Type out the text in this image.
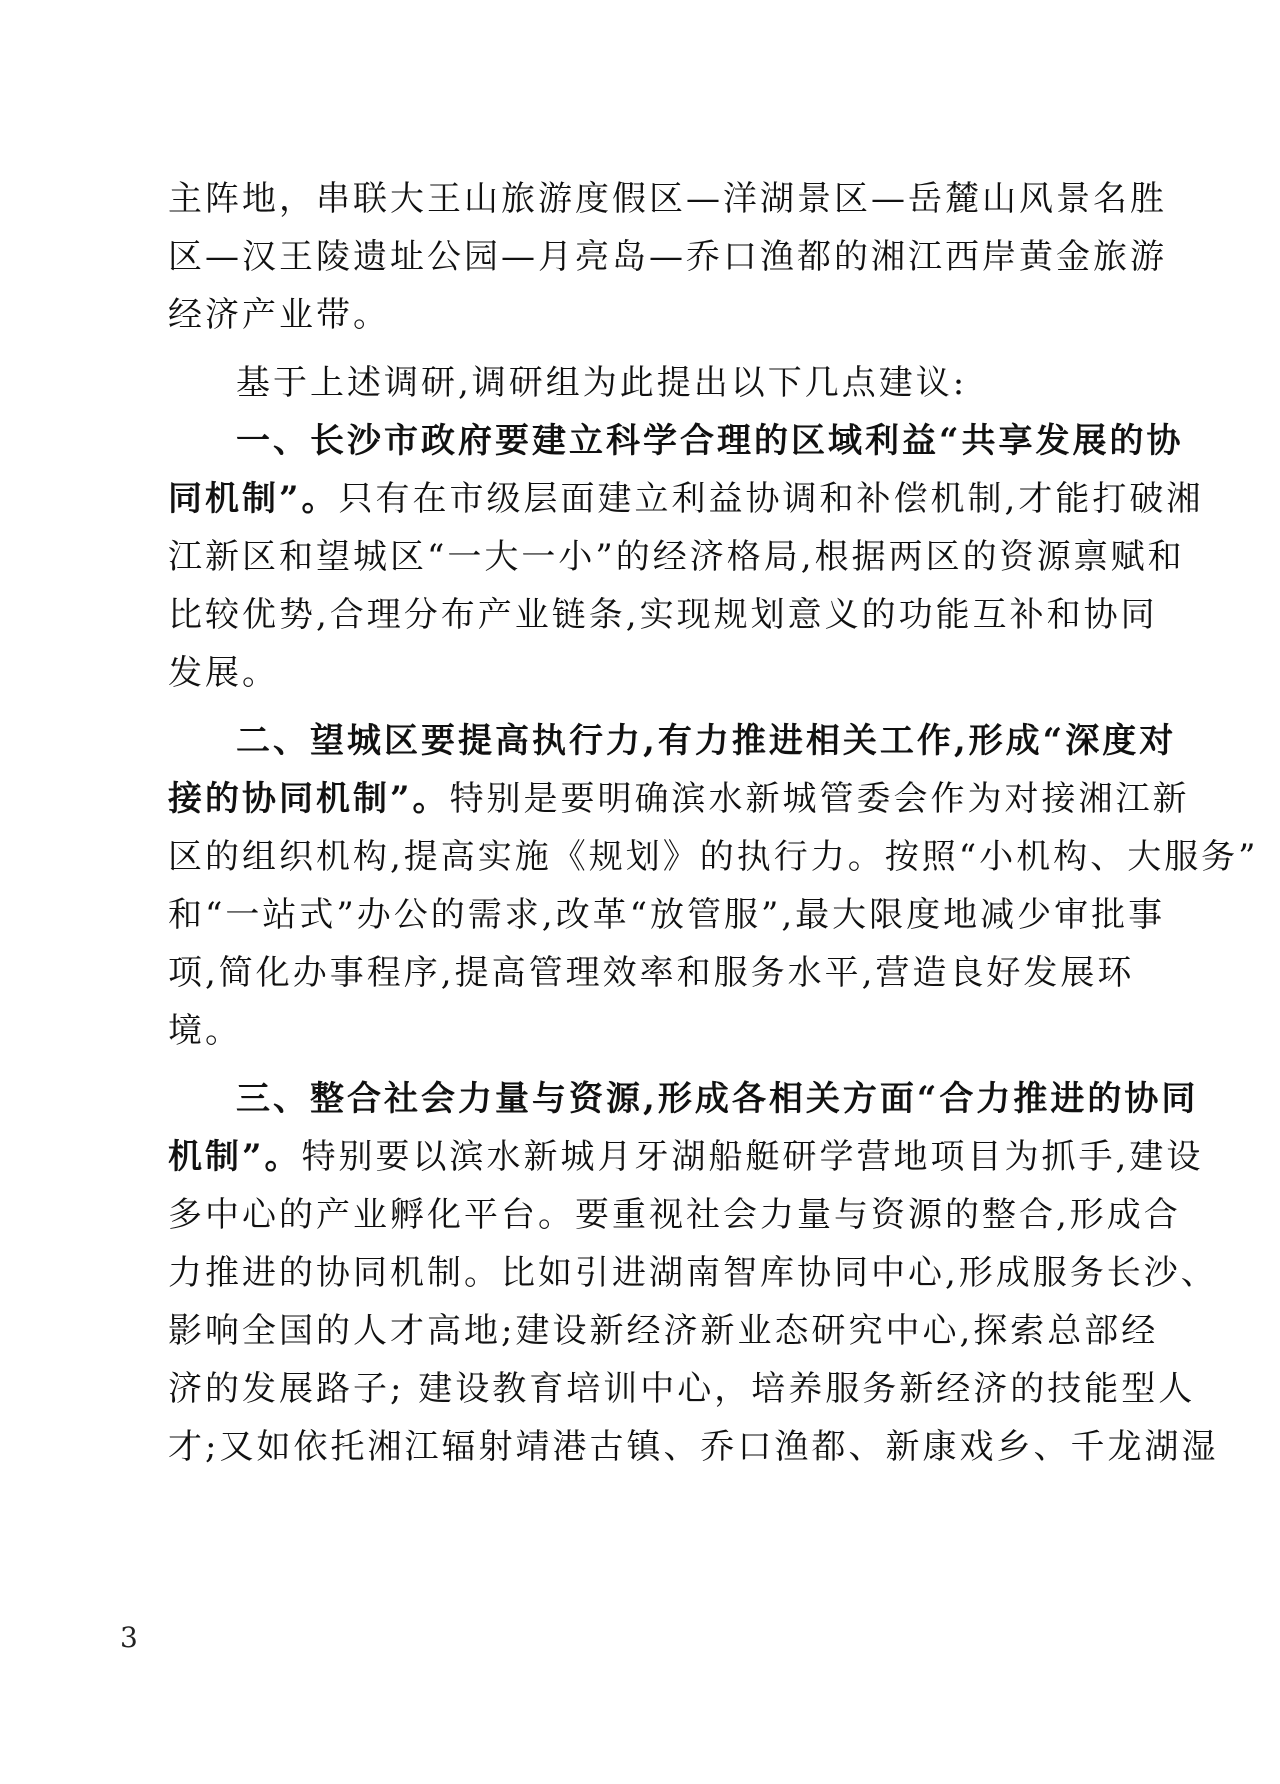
主阵地，串联大王山旅游度假区—洋湖景区—岳麓山风景名胜
区—汉王陵遗址公园—月亮岛—乔口渔都的湘江西岸黄金旅游
经济产业带。
基于上述调研,调研组为此提出以下几点建议:
一、长沙市政府要建立科学合理的区域利益“共享发展的协
同机制”。只有在市级层面建立利益协调和补偿机制,才能打破湘
江新区和望城区“一大一小”的经济格局,根据两区的资源禀赋和
比较优势,合理分布产业链条,实现规划意义的功能互补和协同
发展。
二、望城区要提高执行力,有力推进相关工作,形成“深度对
接的协同机制”。特别是要明确滨水新城管委会作为对接湘江新
区的组织机构,提高实施《规划》的执行力。按照“小机构、大服务”
和“一站式”办公的需求,改革“放管服”,最大限度地减少审批事
项,简化办事程序,提高管理效率和服务水平,营造良好发展环
境。
三、整合社会力量与资源,形成各相关方面“合力推进的协同
机制”。特别要以滨水新城月牙湖船艇研学营地项目为抓手,建设
多中心的产业孵化平台。要重视社会力量与资源的整合,形成合
力推进的协同机制。比如引进湖南智库协同中心,形成服务长沙、
影响全国的人才高地;建设新经济新业态研究中心,探索总部经
济的发展路子; 建设教育培训中心，培养服务新经济的技能型人
才;又如依托湘江辐射靖港古镇、乔口渔都、新康戏乡、千龙湖湿
3
